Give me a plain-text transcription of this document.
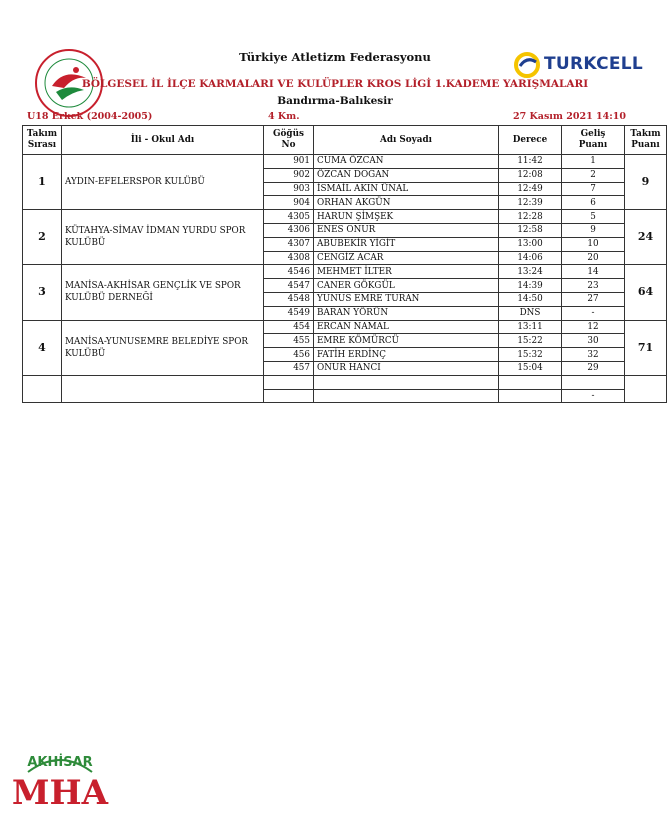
Türkiye Atletizm Federasyonu	TURKCELL
BÖLGESEL İL İLÇE KARMALARI VE KULÜPLER KROS LİGİ 1.KADEME YARIŞMALARI
Bandırma-Balıkesir
U18 Erkek (2004-2005)	4 Km.	27 Kasım 2021 14:10
Takım Sırası	İli - Okul Adı	Göğüs No	Adı Soyadı	Derece	Geliş Puanı	Takım Puanı
1	AYDIN-EFELERSPOR KULÜBÜ	901	CUMA ÖZCAN	11:42	1	9
		902	ÖZCAN DOĞAN	12:08	2	
		903	İSMAİL AKIN ÜNAL	12:49	7	
		904	ORHAN AKGÜN	12:39	6	
2	KÜTAHYA-SİMAV İDMAN YURDU SPOR KULÜBÜ	4305	HARUN ŞİMŞEK	12:28	5	24
		4306	ENES ONUR	12:58	9	
		4307	ABUBEKİR YİĞİT	13:00	10	
		4308	CENGİZ ACAR	14:06	20	
3	MANİSA-AKHİSAR GENÇLİK VE SPOR KULÜBÜ DERNEĞİ	4546	MEHMET İLTER	13:24	14	64
		4547	CANER GÖKGÜL	14:39	23	
		4548	YUNUS EMRE TURAN	14:50	27	
		4549	BARAN YÖRÜN	DNS	-	
4	MANİSA-YUNUSEMRE BELEDİYE SPOR KULÜBÜ	454	ERCAN NAMAL	13:11	12	71
		455	EMRE KÖMÜRCÜ	15:22	30	
		456	FATİH ERDİNÇ	15:32	32	
		457	ONUR HANCI	15:04	29	

					-	
AKHİSAR
MHA
